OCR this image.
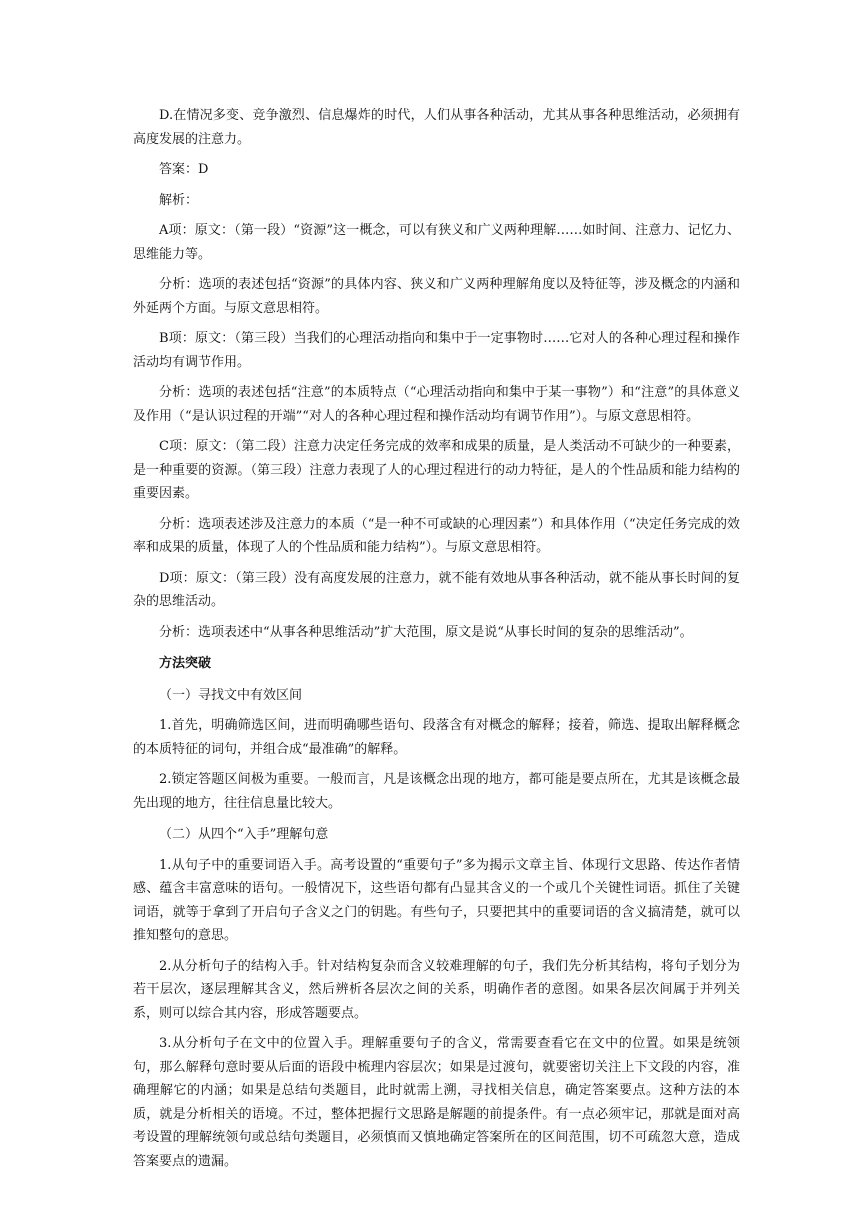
D.在情况多变、竞争激烈、信息爆炸的时代，人们从事各种活动，尤其从事各种思维活动，必须拥有高度发展的注意力。

答案：D

解析：

A项：原文：（第一段）“资源”这一概念，可以有狭义和广义两种理解……如时间、注意力、记忆力、思维能力等。

分析：选项的表述包括“资源”的具体内容、狭义和广义两种理解角度以及特征等，涉及概念的内涵和外延两个方面。与原文意思相符。

B项：原文：（第三段）当我们的心理活动指向和集中于一定事物时……它对人的各种心理过程和操作活动均有调节作用。

分析：选项的表述包括“注意”的本质特点（“心理活动指向和集中于某一事物”）和“注意”的具体意义及作用（“是认识过程的开端”“对人的各种心理过程和操作活动均有调节作用”）。与原文意思相符。

C项：原文：（第二段）注意力决定任务完成的效率和成果的质量，是人类活动不可缺少的一种要素，是一种重要的资源。（第三段）注意力表现了人的心理过程进行的动力特征，是人的个性品质和能力结构的重要因素。

分析：选项表述涉及注意力的本质（“是一种不可或缺的心理因素”）和具体作用（“决定任务完成的效率和成果的质量，体现了人的个性品质和能力结构”）。与原文意思相符。

D项：原文：（第三段）没有高度发展的注意力，就不能有效地从事各种活动，就不能从事长时间的复杂的思维活动。

分析：选项表述中“从事各种思维活动”扩大范围，原文是说“从事长时间的复杂的思维活动”。

方法突破

（一）寻找文中有效区间

1.首先，明确筛选区间，进而明确哪些语句、段落含有对概念的解释；接着，筛选、提取出解释概念的本质特征的词句，并组合成“最准确”的解释。

2.锁定答题区间极为重要。一般而言，凡是该概念出现的地方，都可能是要点所在，尤其是该概念最先出现的地方，往往信息量比较大。

（二）从四个“入手”理解句意

1.从句子中的重要词语入手。高考设置的“重要句子”多为揭示文章主旨、体现行文思路、传达作者情感、蕴含丰富意味的语句。一般情况下，这些语句都有凸显其含义的一个或几个关键性词语。抓住了关键词语，就等于拿到了开启句子含义之门的钥匙。有些句子，只要把其中的重要词语的含义搞清楚，就可以推知整句的意思。

2.从分析句子的结构入手。针对结构复杂而含义较难理解的句子，我们先分析其结构，将句子划分为若干层次，逐层理解其含义，然后辨析各层次之间的关系，明确作者的意图。如果各层次间属于并列关系，则可以综合其内容，形成答题要点。

3.从分析句子在文中的位置入手。理解重要句子的含义，常需要查看它在文中的位置。如果是统领句，那么解释句意时要从后面的语段中梳理内容层次；如果是过渡句，就要密切关注上下文段的内容，准确理解它的内涵；如果是总结句类题目，此时就需上溯，寻找相关信息，确定答案要点。这种方法的本质，就是分析相关的语境。不过，整体把握行文思路是解题的前提条件。有一点必须牢记，那就是面对高考设置的理解统领句或总结句类题目，必须慎而又慎地确定答案所在的区间范围，切不可疏忽大意，造成答案要点的遗漏。
